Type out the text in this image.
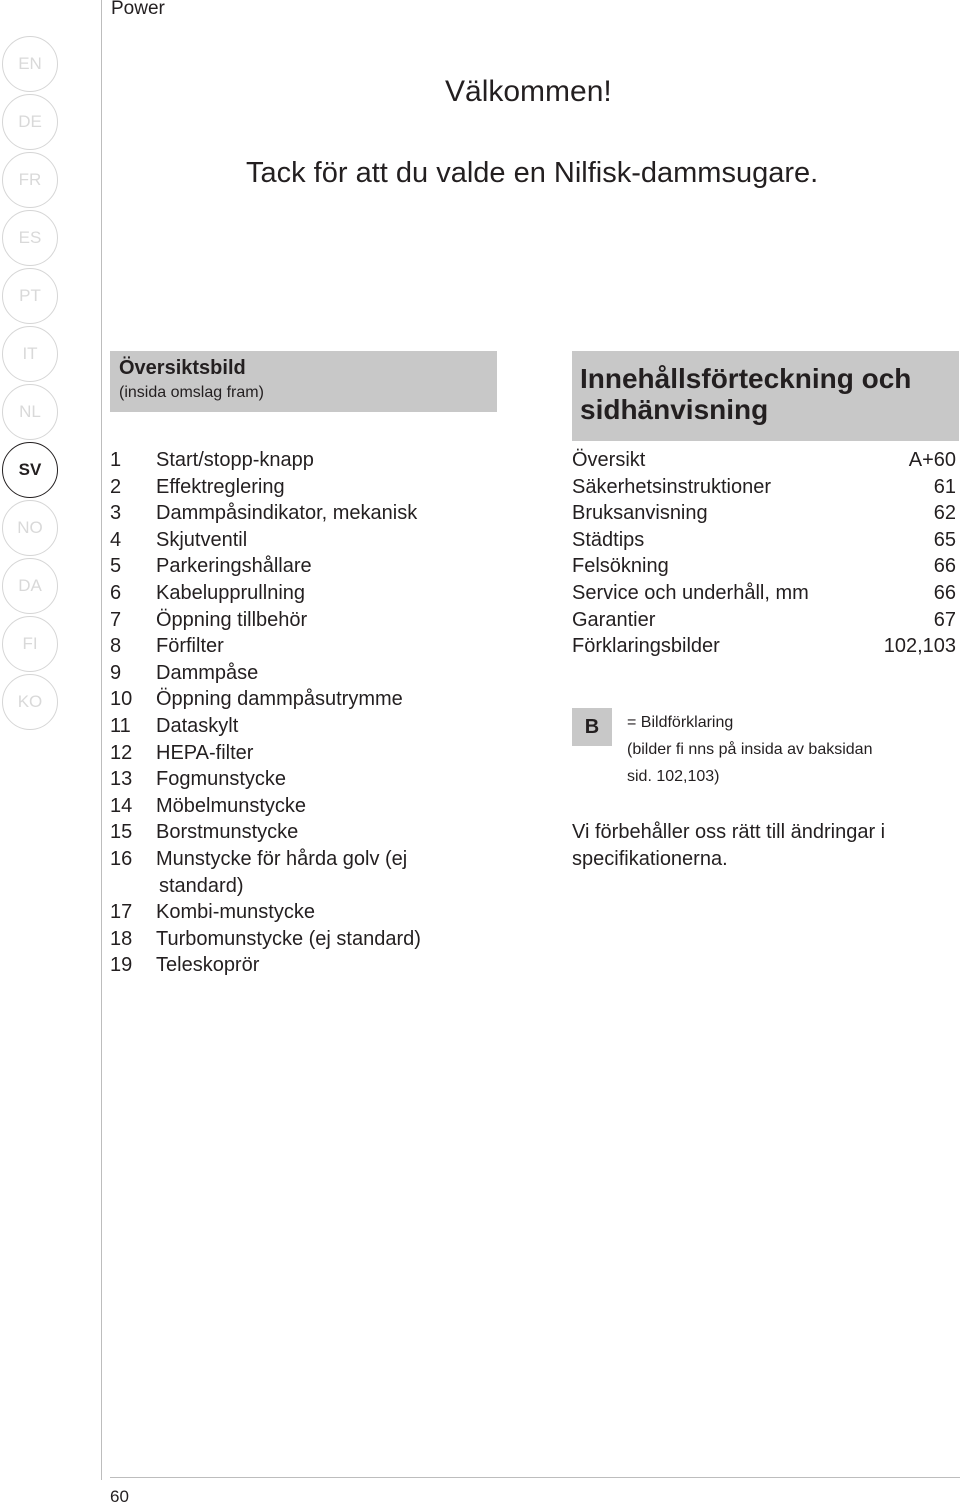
Power
EN
DE
FR
ES
PT
IT
NL
SV
NO
DA
FI
KO
Välkommen!
Tack för att du valde en Nilfisk-dammsugare.
Översiktsbild
(insida omslag fram)	Innehållsförteckning och sidhänvisning
1 Start/stopp-knapp
2 Effektreglering
3 Dammpåsindikator, mekanisk
4 Skjutventil
5 Parkeringshållare
6 Kabelupprullning
7 Öppning tillbehör
8 Förfilter
9 Dammpåse
10 Öppning dammpåsutrymme
11 Dataskylt
12 HEPA-filter
13 Fogmunstycke
14 Möbelmunstycke
15 Borstmunstycke
16 Munstycke för hårda golv (ej
standard)
17 Kombi-munstycke
18 Turbomunstycke (ej standard)
19 Teleskoprör
Översikt	A+60
Säkerhetsinstruktioner	61
Bruksanvisning	62
Städtips	65
Felsökning	66
Service och underhåll, mm	66
Garantier	67
Förklaringsbilder	102,103
B	= Bildförklaring
(bilder fi nns på insida av baksidan
sid. 102,103)
Vi förbehåller oss rätt till ändringar i specifikationerna.
60
